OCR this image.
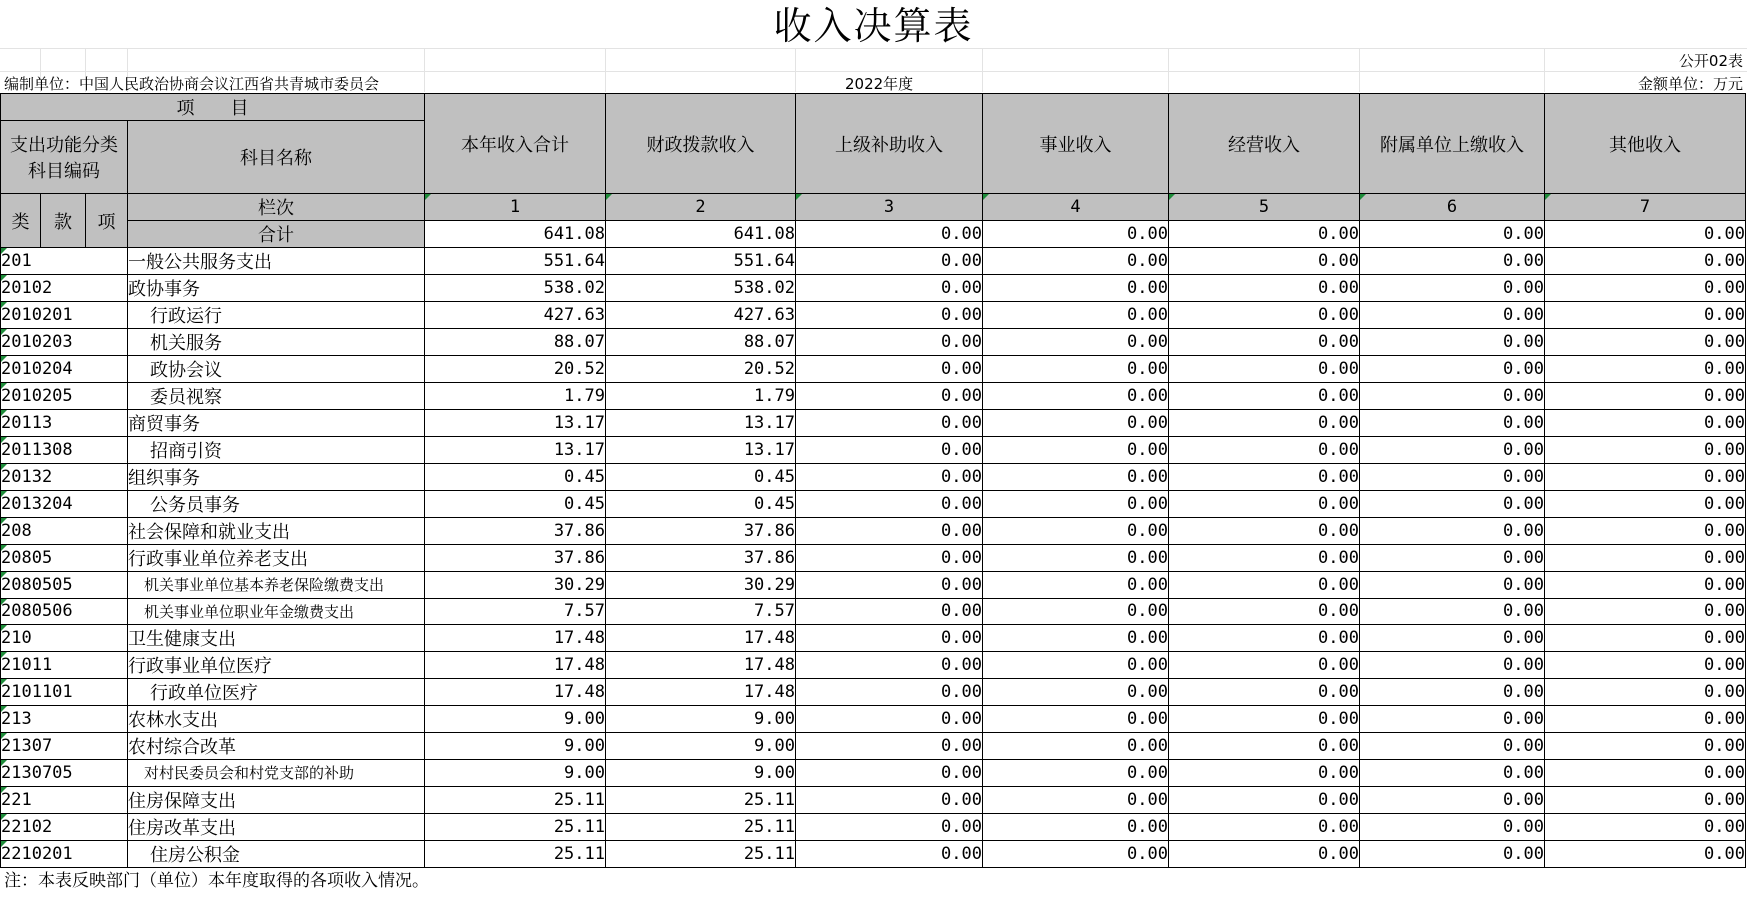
收入决算表
公开02表
编制单位：中国人民政治协商会议江西省共青城市委员会	2022年度	金额单位：万元
项　　目				本年收入合计	财政拨款收入	上级补助收入	事业收入	经营收入	附属单位上缴收入	其他收入

支出功能分类
科目编码			科目名称							
类	款	项	栏次	1	2	3	4	5	6	7
			合计	641.08	641.08	0.00	0.00	0.00	0.00	0.00

201			一般公共服务支出	551.64	551.64	0.00	0.00	0.00	0.00	0.00

20102			政协事务	538.02	538.02	0.00	0.00	0.00	0.00	0.00

2010201			行政运行	427.63	427.63	0.00	0.00	0.00	0.00	0.00

2010203			机关服务	88.07	88.07	0.00	0.00	0.00	0.00	0.00

2010204			政协会议	20.52	20.52	0.00	0.00	0.00	0.00	0.00

2010205			委员视察	1.79	1.79	0.00	0.00	0.00	0.00	0.00

20113			商贸事务	13.17	13.17	0.00	0.00	0.00	0.00	0.00

2011308			招商引资	13.17	13.17	0.00	0.00	0.00	0.00	0.00

20132			组织事务	0.45	0.45	0.00	0.00	0.00	0.00	0.00

2013204			公务员事务	0.45	0.45	0.00	0.00	0.00	0.00	0.00

208			社会保障和就业支出	37.86	37.86	0.00	0.00	0.00	0.00	0.00

20805			行政事业单位养老支出	37.86	37.86	0.00	0.00	0.00	0.00	0.00

2080505			机关事业单位基本养老保险缴费支出	30.29	30.29	0.00	0.00	0.00	0.00	0.00

2080506			机关事业单位职业年金缴费支出	7.57	7.57	0.00	0.00	0.00	0.00	0.00

210			卫生健康支出	17.48	17.48	0.00	0.00	0.00	0.00	0.00

21011			行政事业单位医疗	17.48	17.48	0.00	0.00	0.00	0.00	0.00

2101101			行政单位医疗	17.48	17.48	0.00	0.00	0.00	0.00	0.00

213			农林水支出	9.00	9.00	0.00	0.00	0.00	0.00	0.00

21307			农村综合改革	9.00	9.00	0.00	0.00	0.00	0.00	0.00

2130705			对村民委员会和村党支部的补助	9.00	9.00	0.00	0.00	0.00	0.00	0.00

221			住房保障支出	25.11	25.11	0.00	0.00	0.00	0.00	0.00

22102			住房改革支出	25.11	25.11	0.00	0.00	0.00	0.00	0.00

2210201			住房公积金	25.11	25.11	0.00	0.00	0.00	0.00	0.00
注：本表反映部门（单位）本年度取得的各项收入情况。
